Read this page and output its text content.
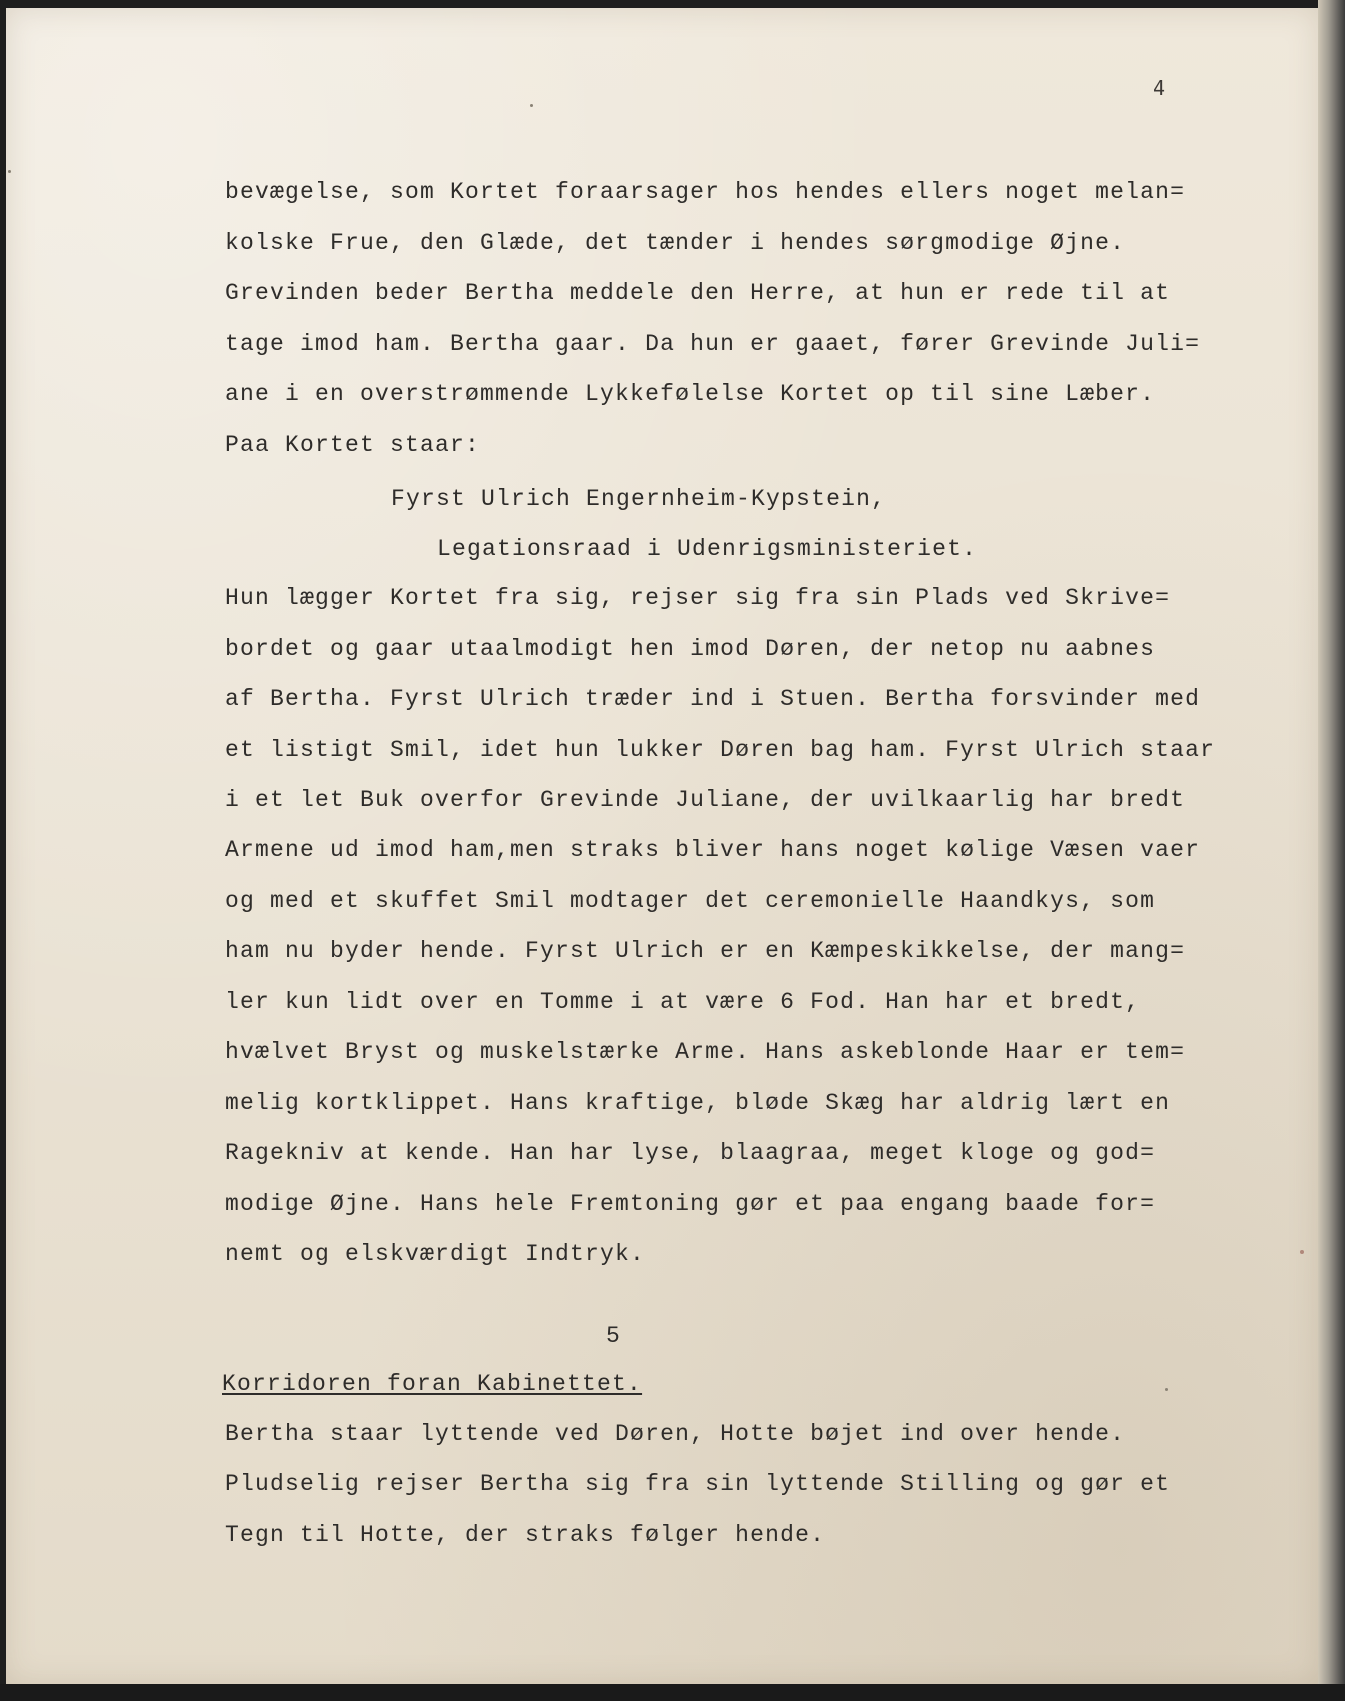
4

bevægelse, som Kortet foraarsager hos hendes ellers noget melan=

kolske Frue, den Glæde, det tænder i hendes sørgmodige Øjne.

Grevinden beder Bertha meddele den Herre, at hun er rede til at

tage imod ham. Bertha gaar. Da hun er gaaet, fører Grevinde Juli=

ane i en overstrømmende Lykkefølelse Kortet op til sine Læber.

Paa Kortet staar:

Fyrst Ulrich Engernheim-Kypstein,

Legationsraad i Udenrigsministeriet.

Hun lægger Kortet fra sig, rejser sig fra sin Plads ved Skrive=

bordet og gaar utaalmodigt hen imod Døren, der netop nu aabnes

af Bertha. Fyrst Ulrich træder ind i Stuen. Bertha forsvinder med

et listigt Smil, idet hun lukker Døren bag ham. Fyrst Ulrich staar

i et let Buk overfor Grevinde Juliane, der uvilkaarlig har bredt

Armene ud imod ham,men straks bliver hans noget kølige Væsen vaer

og med et skuffet Smil modtager det ceremonielle Haandkys, som

ham nu byder hende. Fyrst Ulrich er en Kæmpeskikkelse, der mang=

ler kun lidt over en Tomme i at være 6 Fod. Han har et bredt,

hvælvet Bryst og muskelstærke Arme. Hans askeblonde Haar er tem=

melig kortklippet. Hans kraftige, bløde Skæg har aldrig lært en

Ragekniv at kende. Han har lyse, blaagraa, meget kloge og god=

modige Øjne. Hans hele Fremtoning gør et paa engang baade for=

nemt og elskværdigt Indtryk.

5

Korridoren foran Kabinettet.

Bertha staar lyttende ved Døren, Hotte bøjet ind over hende.

Pludselig rejser Bertha sig fra sin lyttende Stilling og gør et

Tegn til Hotte, der straks følger hende.
